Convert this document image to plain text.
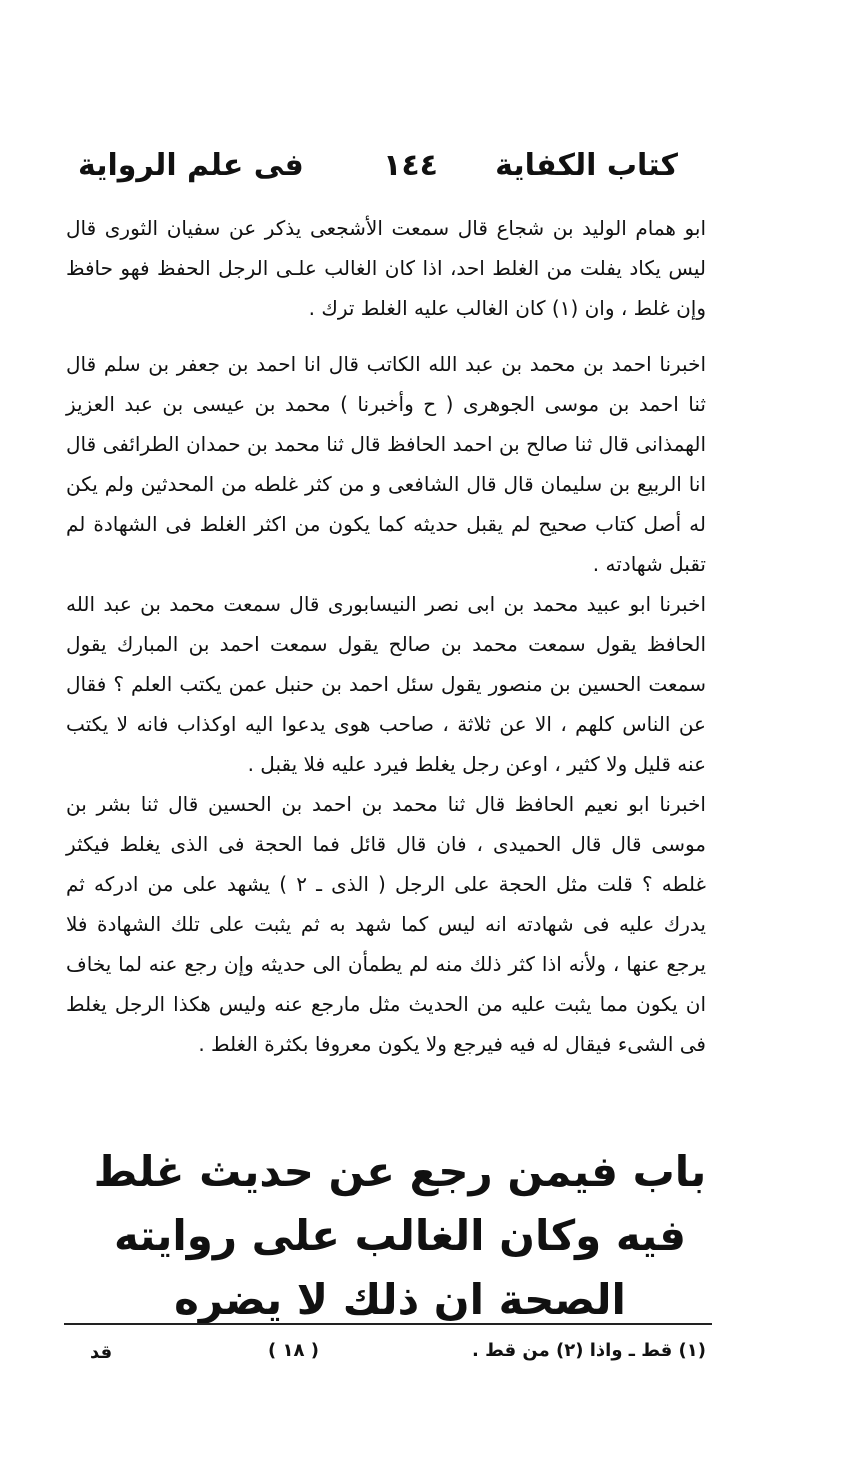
كتاب الكفاية
١٤٤
فى علم الرواية

ابو همام الوليد بن شجاع قال سمعت الأشجعى يذكر عن سفيان الثورى قال ليس يكاد يفلت من الغلط احد، اذا كان الغالب علـى الرجل الحفظ فهو حافظ وإن غلط ، وان (١) كان الغالب عليه الغلط ترك .

اخبرنا احمد بن محمد بن عبد الله الكاتب قال انا احمد بن جعفر بن سلم قال ثنا احمد بن موسى الجوهرى ( ح وأخبرنا ) محمد بن عيسى بن عبد العزيز الهمذانى قال ثنا صالح بن احمد الحافظ قال ثنا محمد بن حمدان الطرائفى قال انا الربيع بن سليمان قال قال الشافعى و من كثر غلطه من المحدثين ولم يكن له أصل كتاب صحيح لم يقبل حديثه كما يكون من اكثر الغلط فى الشهادة لم تقبل شهادته .

اخبرنا ابو عبيد محمد بن ابى نصر النيسابورى قال سمعت محمد بن عبد الله الحافظ يقول سمعت محمد بن صالح يقول سمعت احمد بن المبارك يقول سمعت الحسين بن منصور يقول سئل احمد بن حنبل عمن يكتب العلم ؟ فقال عن الناس كلهم ، الا عن ثلاثة ، صاحب هوى يدعوا اليه اوكذاب فانه لا يكتب عنه قليل ولا كثير ، اوعن رجل يغلط فيرد عليه فلا يقبل .

اخبرنا ابو نعيم الحافظ قال ثنا محمد بن احمد بن الحسين قال ثنا بشر بن موسى قال قال الحميدى ، فان قال قائل فما الحجة فى الذى يغلط فيكثر غلطه ؟ قلت مثل الحجة على الرجل ( الذى ـ ٢ ) يشهد على من ادركه ثم يدرك عليه فى شهادته انه ليس كما شهد به ثم يثبت على تلك الشهادة فلا يرجع عنها ، ولأنه اذا كثر ذلك منه لم يطمأن الى حديثه وإن رجع عنه لما يخاف ان يكون مما يثبت عليه من الحديث مثل مارجع عنه وليس هكذا الرجل يغلط فى الشىء فيقال له فيه فيرجع ولا يكون معروفا بكثرة الغلط .

باب فيمن رجع عن حديث غلط فيه وكان الغالب على روايته الصحة ان ذلك لا يضره
(١) قط ـ واذا (٢) من قط .
( ١٨ )
قد
